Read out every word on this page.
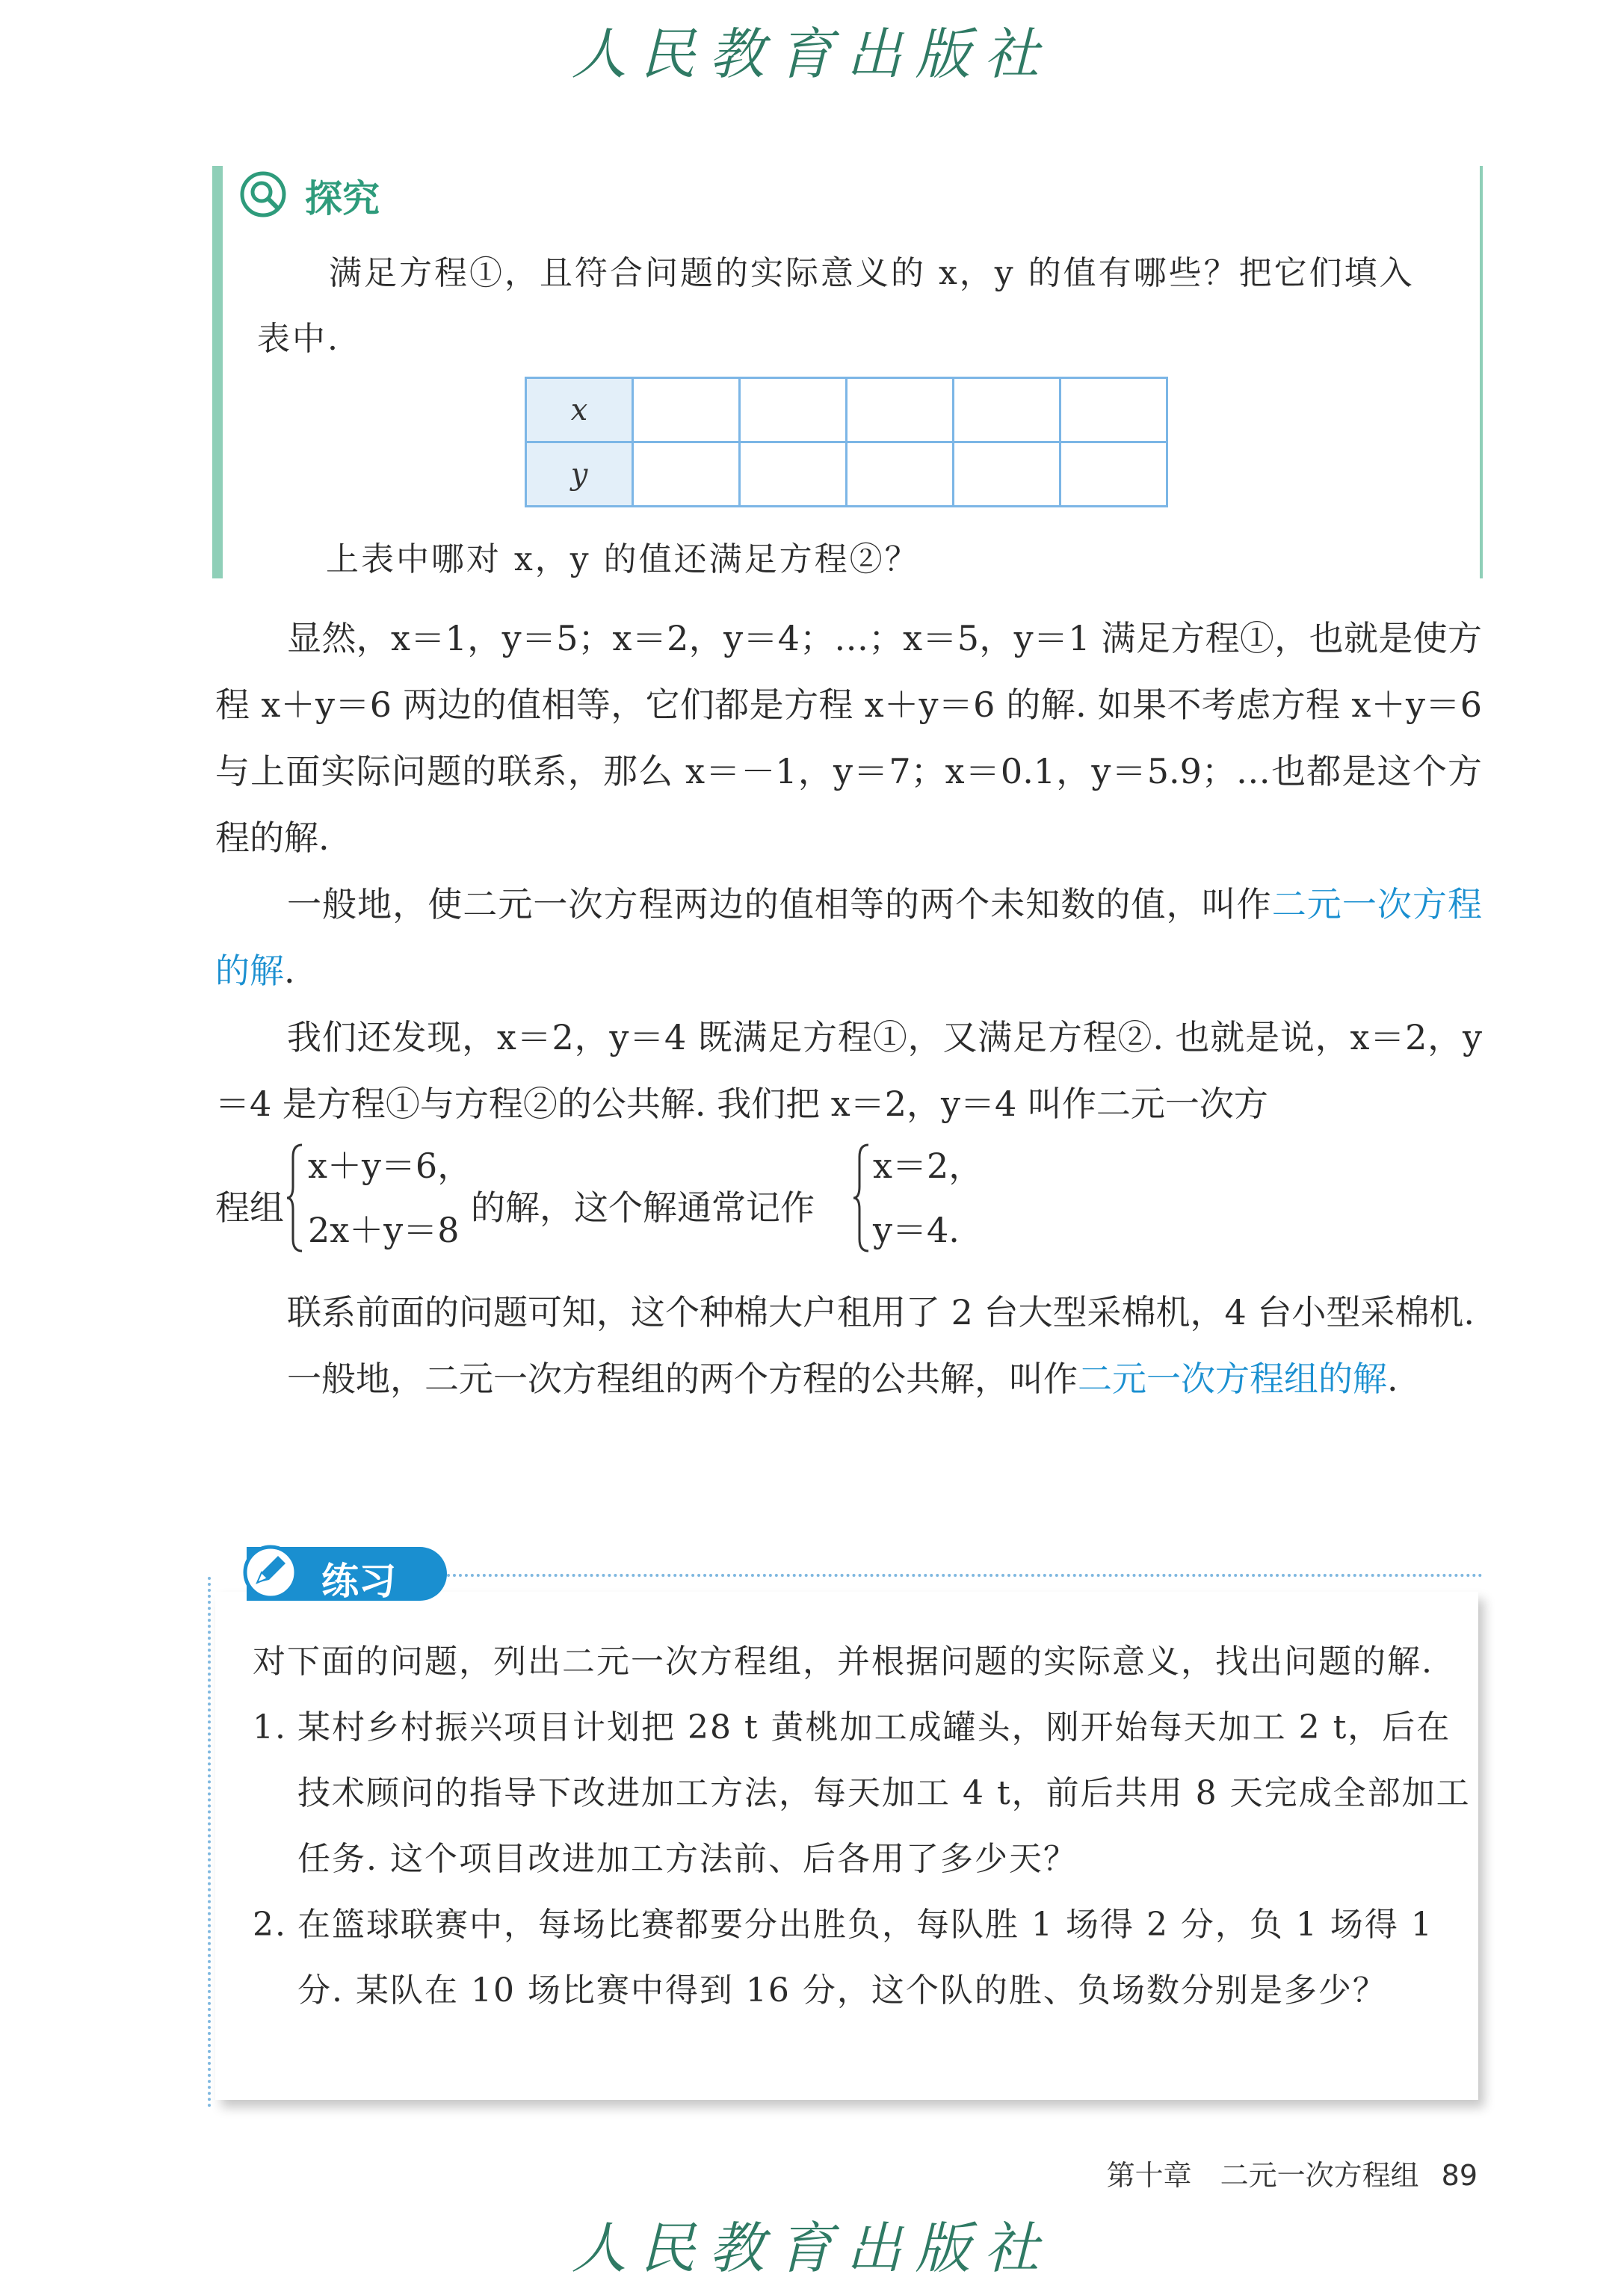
人民教育出版社
探究
满足方程①，且符合问题的实际意义的 x，y 的值有哪些？把它们填入表中.
x					
y					
上表中哪对 x，y 的值还满足方程②？

显然，x＝1，y＝5；x＝2，y＝4；…；x＝5，y＝1 满足方程①，也就是使方程 x＋y＝6 两边的值相等，它们都是方程 x＋y＝6 的解. 如果不考虑方程 x＋y＝6 与上面实际问题的联系，那么 x＝－1，y＝7；x＝0.1，y＝5.9；…也都是这个方程的解.

一般地，使二元一次方程两边的值相等的两个未知数的值，叫作二元一次方程的解.

我们还发现，x＝2，y＝4 既满足方程①，又满足方程②. 也就是说，x＝2，y＝4 是方程①与方程②的公共解. 我们把 x＝2，y＝4 叫作二元一次方

程组
x＋y＝6，
2x＋y＝8
的解，这个解通常记作
x＝2，
y＝4.

联系前面的问题可知，这个种棉大户租用了 2 台大型采棉机，4 台小型采棉机.

一般地，二元一次方程组的两个方程的公共解，叫作二元一次方程组的解.

练习
对下面的问题，列出二元一次方程组，并根据问题的实际意义，找出问题的解.
1. 某村乡村振兴项目计划把 28 t 黄桃加工成罐头，刚开始每天加工 2 t，后在技术顾问的指导下改进加工方法，每天加工 4 t，前后共用 8 天完成全部加工任务. 这个项目改进加工方法前、后各用了多少天？
2. 在篮球联赛中，每场比赛都要分出胜负，每队胜 1 场得 2 分，负 1 场得 1 分. 某队在 10 场比赛中得到 16 分，这个队的胜、负场数分别是多少？
第十章　二元一次方程组 89
人民教育出版社
